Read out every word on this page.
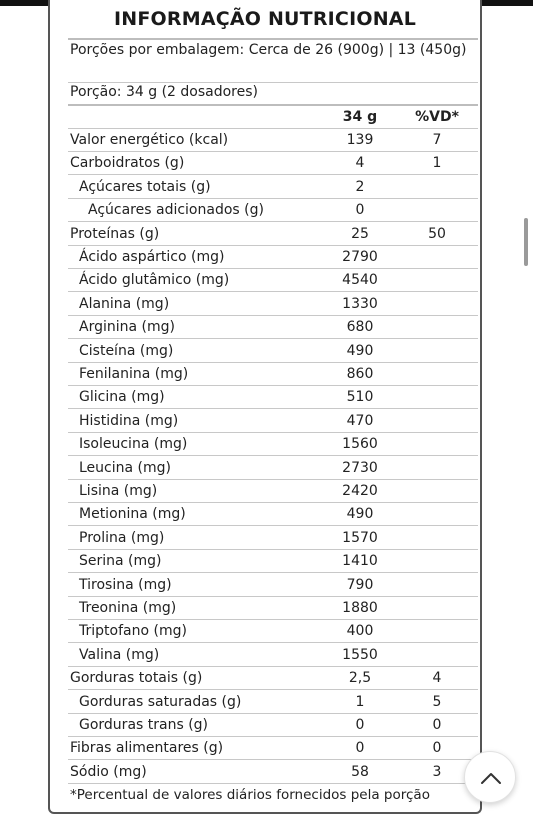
INFORMAÇÃO NUTRICIONAL
Porções por embalagem: Cerca de 26 (900g) | 13 (450g)
Porção: 34 g (2 dosadores)
34 g	%VD*
Valor energético (kcal)	139	7
Carboidratos (g)	4	1
Açúcares totais (g)	2
Açúcares adicionados (g)	0
Proteínas (g)	25	50
Ácido aspártico (mg)	2790
Ácido glutâmico (mg)	4540
Alanina (mg)	1330
Arginina (mg)	680
Cisteína (mg)	490
Fenilanina (mg)	860
Glicina (mg)	510
Histidina (mg)	470
Isoleucina (mg)	1560
Leucina (mg)	2730
Lisina (mg)	2420
Metionina (mg)	490
Prolina (mg)	1570
Serina (mg)	1410
Tirosina (mg)	790
Treonina (mg)	1880
Triptofano (mg)	400
Valina (mg)	1550
Gorduras totais (g)	2,5	4
Gorduras saturadas (g)	1	5
Gorduras trans (g)	0	0
Fibras alimentares (g)	0	0
Sódio (mg)	58	3
*Percentual de valores diários fornecidos pela porção
